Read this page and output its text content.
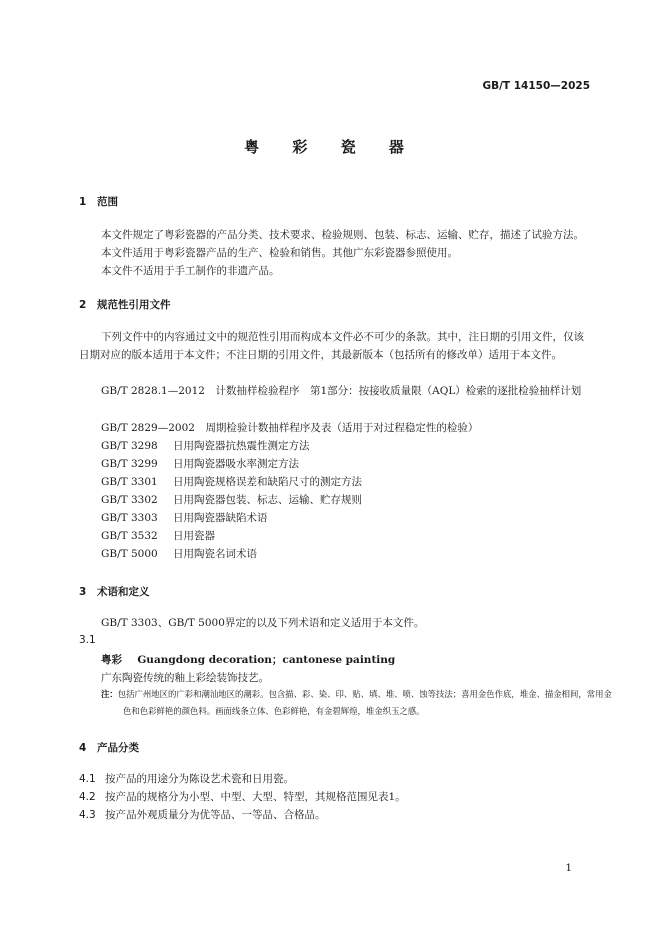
GB/T 14150—2025
粤 彩 瓷 器
1 范围
本文件规定了粤彩瓷器的产品分类、技术要求、检验规则、包装、标志、运输、贮存，描述了试验方法。
本文件适用于粤彩瓷器产品的生产、检验和销售。其他广东彩瓷器参照使用。
本文件不适用于手工制作的非遗产品。
2 规范性引用文件
下列文件中的内容通过文中的规范性引用而构成本文件必不可少的条款。其中，注日期的引用文件，仅该日期对应的版本适用于本文件；不注日期的引用文件，其最新版本（包括所有的修改单）适用于本文件。
GB/T 2828.1—2012　 计数抽样检验程序　第1部分：按接收质量限（AQL）检索的逐批检验抽样计划
GB/T 2829—2002　 周期检验计数抽样程序及表（适用于对过程稳定性的检验）
GB/T 3298 日用陶瓷器抗热震性测定方法
GB/T 3299 日用陶瓷器吸水率测定方法
GB/T 3301 日用陶瓷规格误差和缺陷尺寸的测定方法
GB/T 3302 日用陶瓷器包装、标志、运输、贮存规则
GB/T 3303 日用陶瓷器缺陷术语
GB/T 3532 日用瓷器
GB/T 5000 日用陶瓷名词术语
3 术语和定义
GB/T 3303、GB/T 5000界定的以及下列术语和定义适用于本文件。
3.1
粤彩 Guangdong decoration；cantonese painting
广东陶瓷传统的釉上彩绘装饰技艺。
注：包括广州地区的广彩和潮汕地区的潮彩。包含描、彩、染、印、贴、填、堆、喷、蚀等技法；喜用金色作底，堆金、描金相间，常用金色和色彩鲜艳的颜色料。画面线条立体、色彩鲜艳，有金碧辉煌，堆金织玉之感。
4 产品分类
4.1 按产品的用途分为陈设艺术瓷和日用瓷。
4.2 按产品的规格分为小型、中型、大型、特型，其规格范围见表1。
4.3 按产品外观质量分为优等品、一等品、合格品。
1
